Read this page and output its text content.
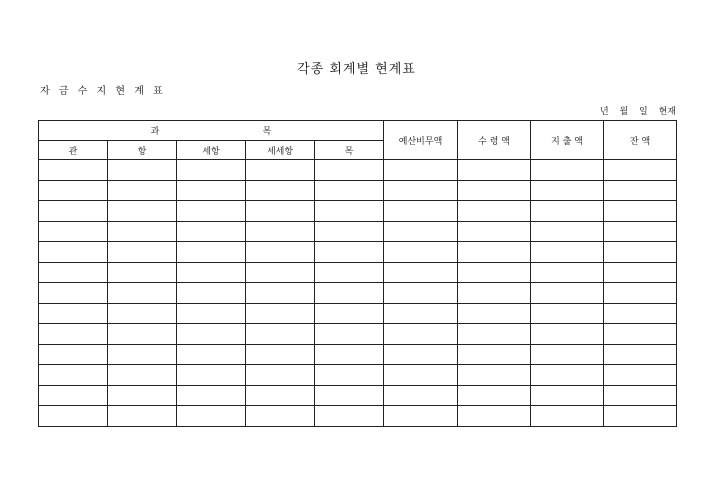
각종 회계별 현계표
자 금 수 지 현 계 표
년 월 일 현재
과 목					예산비무액	수 령 액	지 출 액	잔 액
관	항	세항	세세항	목				
